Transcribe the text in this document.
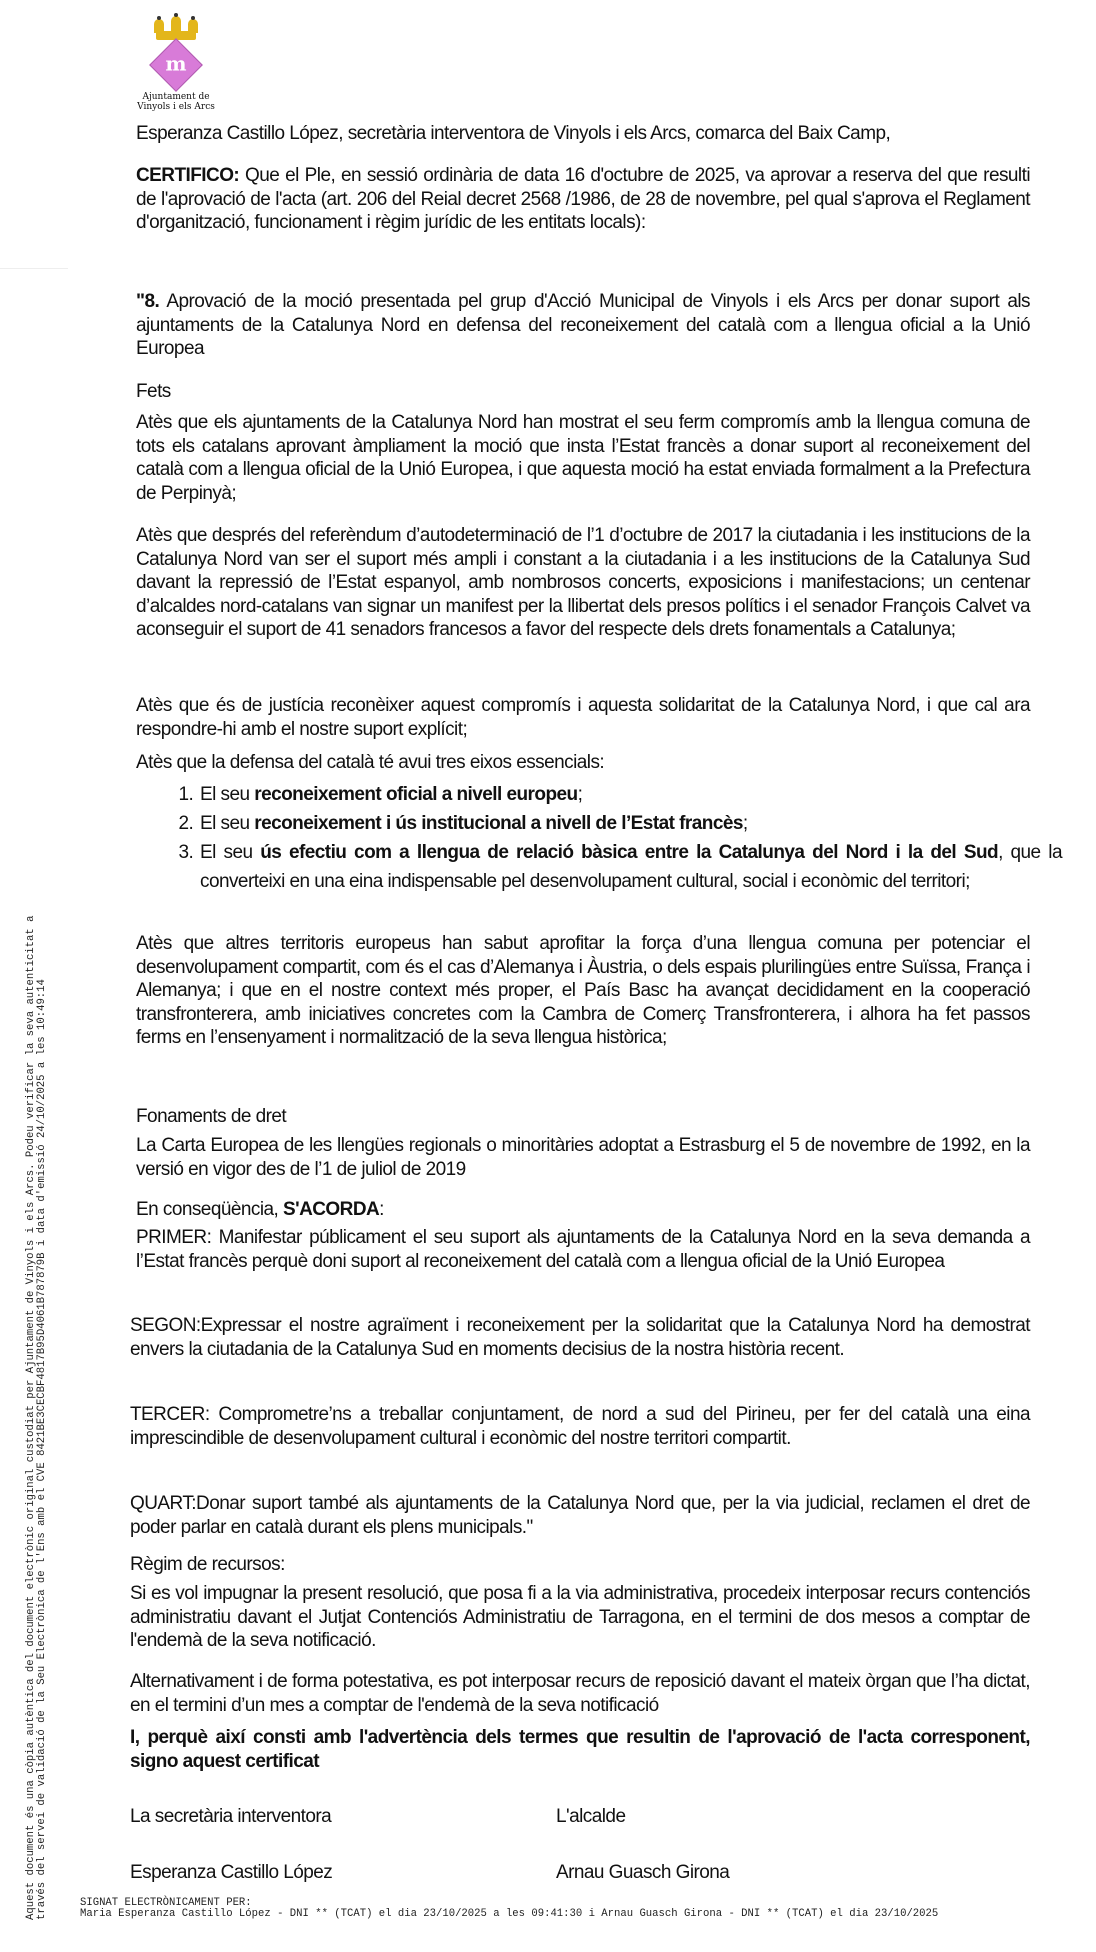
m
Ajuntament de
Vinyols i els Arcs

Esperanza Castillo López, secretària interventora de Vinyols i els Arcs, comarca del Baix Camp,

CERTIFICO: Que el Ple, en sessió ordinària de data 16 d'octubre de 2025, va aprovar a reserva del que resulti de l'aprovació de l'acta (art. 206 del Reial decret 2568 /1986, de 28 de novembre, pel qual s'aprova el Reglament d'organització, funcionament i règim jurídic de les entitats locals):

"8. Aprovació de la moció presentada pel grup d'Acció Municipal de Vinyols i els Arcs per donar suport als ajuntaments de la Catalunya Nord en defensa del reconeixement del català com a llengua oficial a la Unió Europea

Fets
Atès que els ajuntaments de la Catalunya Nord han mostrat el seu ferm compromís amb la llengua comuna de tots els catalans aprovant àmpliament la moció que insta l’Estat francès a donar suport al reconeixement del català com a llengua oficial de la Unió Europea, i que aquesta moció ha estat enviada formalment a la Prefectura de Perpinyà;
Atès que després del referèndum d’autodeterminació de l’1 d’octubre de 2017 la ciutadania i les institucions de la Catalunya Nord van ser el suport més ampli i constant a la ciutadania i a les institucions de la Catalunya Sud davant la repressió de l’Estat espanyol, amb nombrosos concerts, exposicions i manifestacions; un centenar d’alcaldes nord-catalans van signar un manifest per la llibertat dels presos polítics i el senador François Calvet va aconseguir el suport de 41 senadors francesos a favor del respecte dels drets fonamentals a Catalunya;
Atès que és de justícia reconèixer aquest compromís i aquesta solidaritat de la Catalunya Nord, i que cal ara respondre-hi amb el nostre suport explícit;
Atès que la defensa del català té avui tres eixos essencials:
1. El seu reconeixement oficial a nivell europeu;
2. El seu reconeixement i ús institucional a nivell de l’Estat francès;
3. El seu ús efectiu com a llengua de relació bàsica entre la Catalunya del Nord i la del Sud, que la converteixi en una eina indispensable pel desenvolupament cultural, social i econòmic del territori;
Atès que altres territoris europeus han sabut aprofitar la força d’una llengua comuna per potenciar el desenvolupament compartit, com és el cas d’Alemanya i Àustria, o dels espais plurilingües entre Suïssa, França i Alemanya; i que en el nostre context més proper, el País Basc ha avançat decididament en la cooperació transfronterera, amb iniciatives concretes com la Cambra de Comerç Transfronterera, i alhora ha fet passos ferms en l’ensenyament i normalització de la seva llengua històrica;
Fonaments de dret
La Carta Europea de les llengües regionals o minoritàries adoptat a Estrasburg el 5 de novembre de 1992, en la versió en vigor des de l’1 de juliol de 2019
En conseqüència, S'ACORDA:
PRIMER: Manifestar públicament el seu suport als ajuntaments de la Catalunya Nord en la seva demanda a l’Estat francès perquè doni suport al reconeixement del català com a llengua oficial de la Unió Europea
SEGON:Expressar el nostre agraïment i reconeixement per la solidaritat que la Catalunya Nord ha demostrat envers la ciutadania de la Catalunya Sud en moments decisius de la nostra història recent.
TERCER: Comprometre’ns a treballar conjuntament, de nord a sud del Pirineu, per fer del català una eina imprescindible de desenvolupament cultural i econòmic del nostre territori compartit.
QUART:Donar suport també als ajuntaments de la Catalunya Nord que, per la via judicial, reclamen el dret de poder parlar en català durant els plens municipals."
Règim de recursos:
Si es vol impugnar la present resolució, que posa fi a la via administrativa, procedeix interposar recurs contenciós administratiu davant el Jutjat Contenciós Administratiu de Tarragona, en el termini de dos mesos a comptar de l'endemà de la seva notificació.
Alternativament i de forma potestativa, es pot interposar recurs de reposició davant el mateix òrgan que l’ha dictat, en el termini d’un mes a comptar de l'endemà de la seva notificació
I, perquè així consti amb l'advertència dels termes que resultin de l'aprovació de l'acta corresponent, signo aquest certificat
La secretària interventora	L'alcalde
Esperanza Castillo López	Arnau Guasch Girona
SIGNAT ELECTRÒNICAMENT PER:
Maria Esperanza Castillo López - DNI ** (TCAT) el dia 23/10/2025 a les 09:41:30 i Arnau Guasch Girona - DNI ** (TCAT) el dia 23/10/2025
Aquest document és una còpia autèntica del document electrònic original custodiat per Ajuntament de Vinyols i els Arcs. Podeu verificar la seva autenticitat a través del servei de validació de la Seu Electrònica de l'Ens amb el CVE 8421BE3CECBF4817B95D4061B787879B i data d'emissió 24/10/2025 a les 10:49:14
